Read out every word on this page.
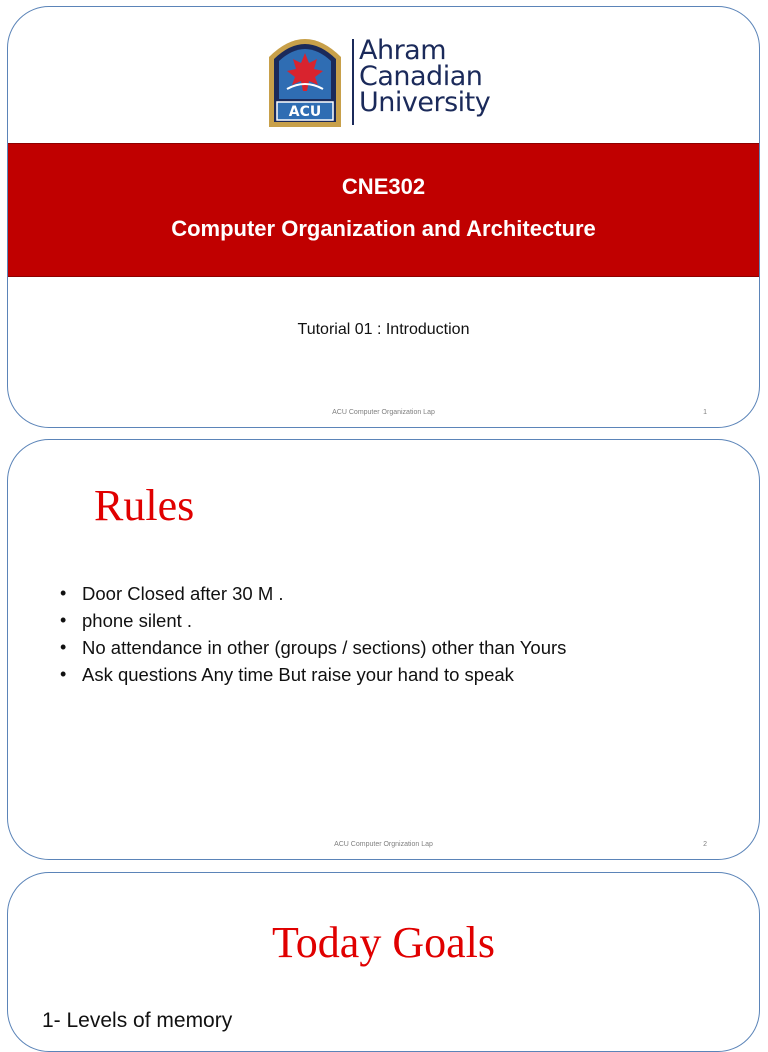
ACU
Ahram
Canadian
University
CNE302
Computer Organization and Architecture
Tutorial 01 : Introduction
ACU Computer Organization Lap	1
Rules
• Door Closed after 30 M .
• phone silent .
• No attendance in other (groups / sections) other than Yours
• Ask questions Any time But raise your hand to speak
ACU Computer Orgnization Lap	2
Today Goals
1- Levels of memory
